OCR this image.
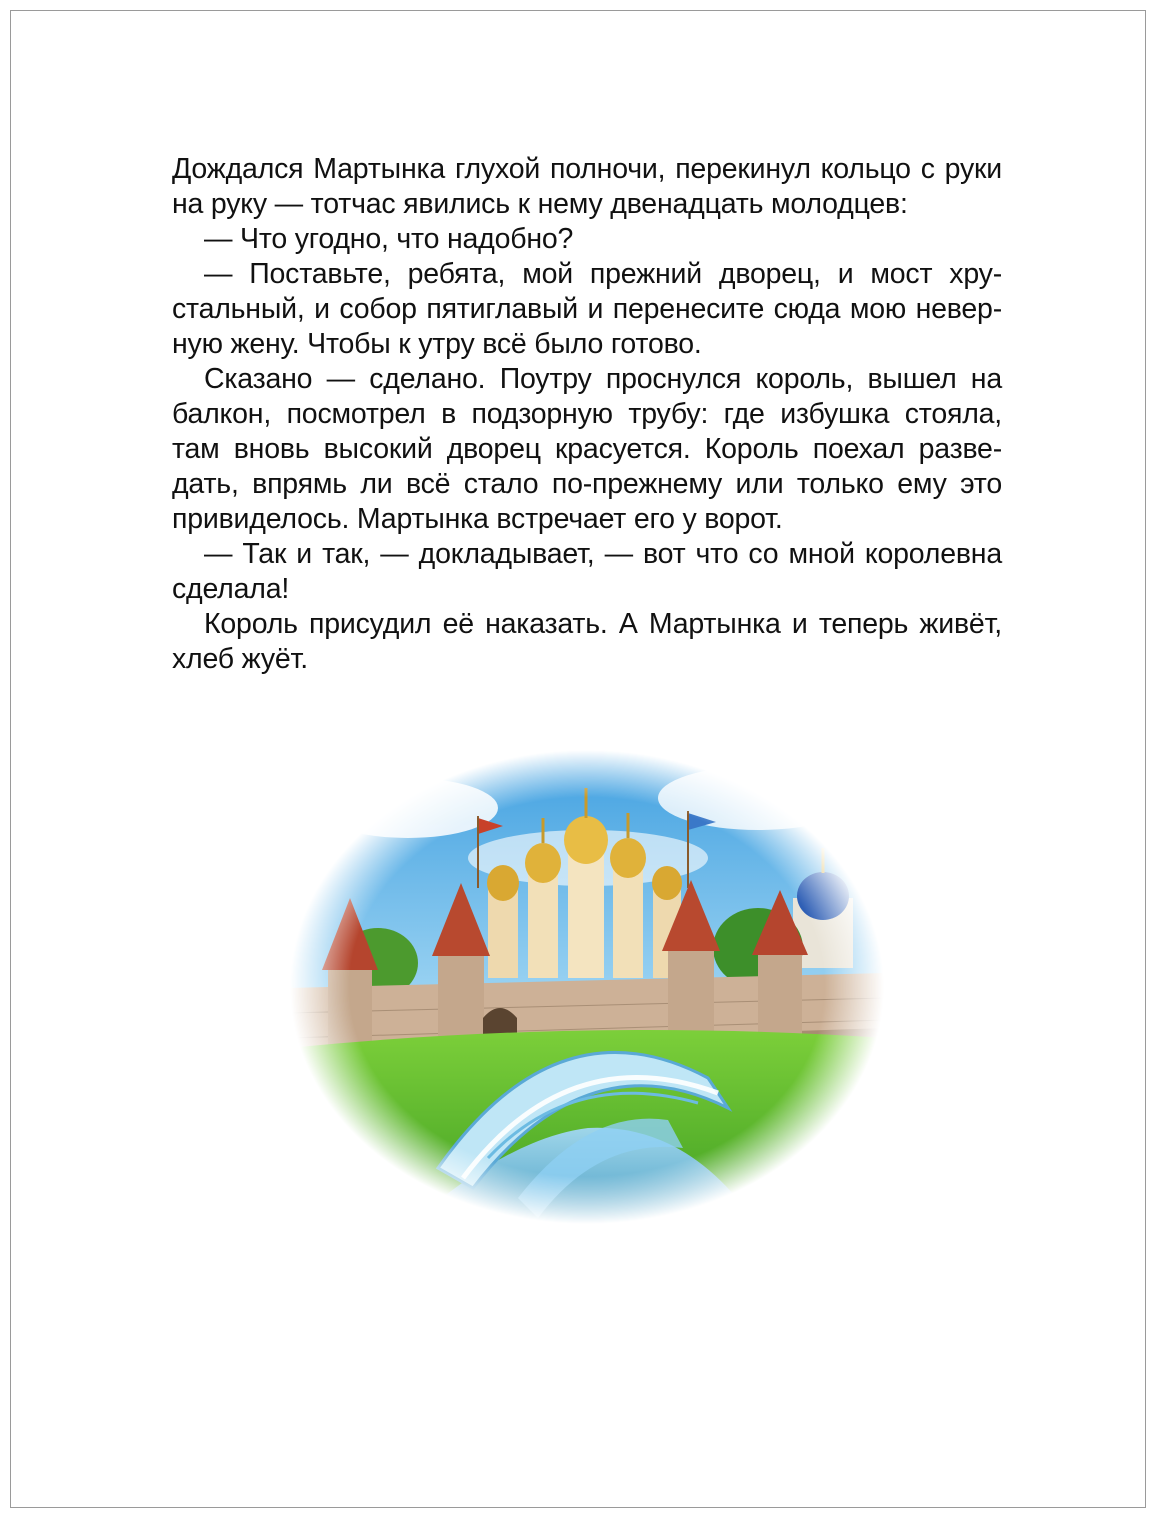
Дождался Мартынка глухой полночи, перекинул кольцо с руки
на руку — тотчас явились к нему двенадцать молодцев:
— Что угодно, что надобно?
— Поставьте, ребята, мой прежний дворец, и мост хру-
стальный, и собор пятиглавый и перенесите сюда мою невер-
ную жену. Чтобы к утру всё было готово.
Сказано — сделано. Поутру проснулся король, вышел на
балкон, посмотрел в подзорную трубу: где избушка стояла,
там вновь высокий дворец красуется. Король поехал разве-
дать, впрямь ли всё стало по-прежнему или только ему это
привиделось. Мартынка встречает его у ворот.
— Так и так, — докладывает, — вот что со мной королевна
сделала!
Король присудил её наказать. А Мартынка и теперь живёт,
хлеб жуёт.
